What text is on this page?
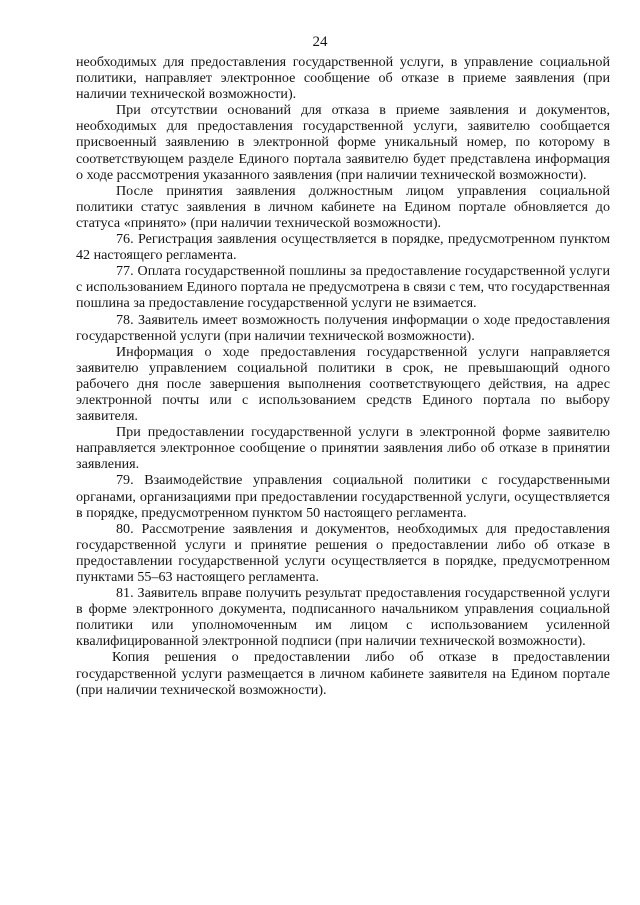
24

необходимых для предоставления государственной услуги, в управление социальной политики, направляет электронное сообщение об отказе в приеме заявления (при наличии технической возможности).

При отсутствии оснований для отказа в приеме заявления и документов, необходимых для предоставления государственной услуги, заявителю сообщается присвоенный заявлению в электронной форме уникальный номер, по которому в соответствующем разделе Единого портала заявителю будет представлена информация о ходе рассмотрения указанного заявления (при наличии технической возможности).

После принятия заявления должностным лицом управления социальной политики статус заявления в личном кабинете на Едином портале обновляется до статуса «принято» (при наличии технической возможности).

76. Регистрация заявления осуществляется в порядке, предусмотренном пунктом 42 настоящего регламента.

77. Оплата государственной пошлины за предоставление государственной услуги с использованием Единого портала не предусмотрена в связи с тем, что государственная пошлина за предоставление государственной услуги не взимается.

78. Заявитель имеет возможность получения информации о ходе предоставления государственной услуги (при наличии технической возможности).

Информация о ходе предоставления государственной услуги направляется заявителю управлением социальной политики в срок, не превышающий одного рабочего дня после завершения выполнения соответствующего действия, на адрес электронной почты или с использованием средств Единого портала по выбору заявителя.

При предоставлении государственной услуги в электронной форме заявителю направляется электронное сообщение о принятии заявления либо об отказе в принятии заявления.

79. Взаимодействие управления социальной политики с государственными органами, организациями при предоставлении государственной услуги, осуществляется в порядке, предусмотренном пунктом 50 настоящего регламента.

80. Рассмотрение заявления и документов, необходимых для предоставления государственной услуги и принятие решения о предоставлении либо об отказе в предоставлении государственной услуги осуществляется в порядке, предусмотренном пунктами 55–63 настоящего регламента.

81. Заявитель вправе получить результат предоставления государственной услуги в форме электронного документа, подписанного начальником управления социальной политики или уполномоченным им лицом с использованием усиленной квалифицированной электронной подписи (при наличии технической возможности).

Копия решения о предоставлении либо об отказе в предоставлении государственной услуги размещается в личном кабинете заявителя на Едином портале (при наличии технической возможности).
